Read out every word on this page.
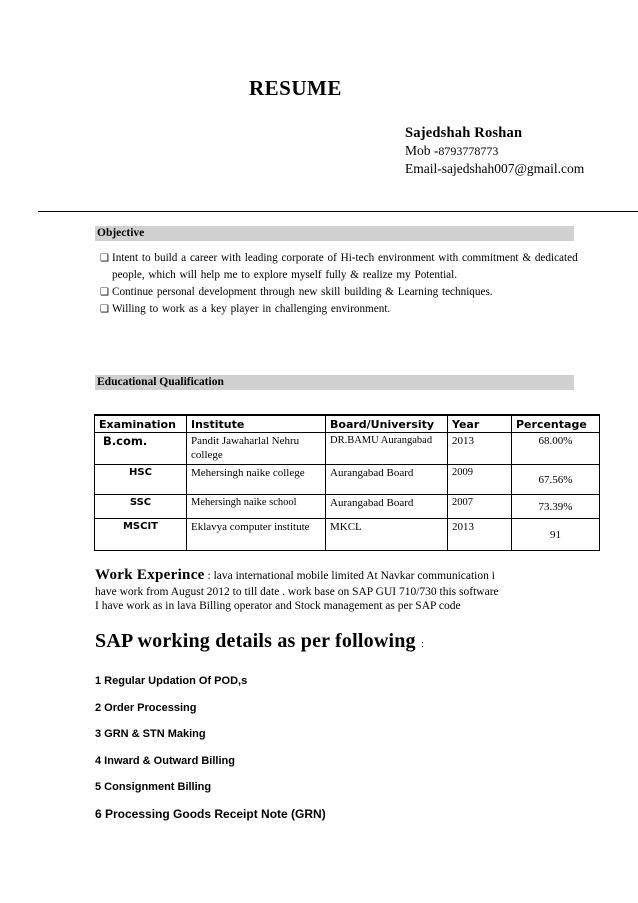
RESUME
Sajedshah Roshan
Mob -8793778773
Email-sajedshah007@gmail.com
Objective
❑ Intent to build a career with leading corporate of Hi-tech environment with commitment & dedicated people, which will help me to explore myself fully & realize my Potential.
❑ Continue personal development through new skill building & Learning techniques.
❑ Willing to work as a key player in challenging environment.
Educational Qualification
Examination	Institute	Board/University	Year	Percentage
B.com.	Pandit Jawaharlal Nehru college	DR.BAMU Aurangabad	2013	68.00%
HSC	Mehersingh naike college	Aurangabad Board	2009	67.56%
SSC	Mehersingh naike school	Aurangabad Board	2007	73.39%
MSCIT	Eklavya computer institute	MKCL	2013	91
Work Experince : lava international mobile limited At Navkar communication i
have work from August 2012 to till date . work base on SAP GUI 710/730 this software
I have work as in lava Billing operator and Stock management as per SAP code
SAP working details as per following :
1 Regular Updation Of POD,s
2 Order Processing
3 GRN & STN Making
4 Inward & Outward Billing
5 Consignment Billing
6 Processing Goods Receipt Note (GRN)
